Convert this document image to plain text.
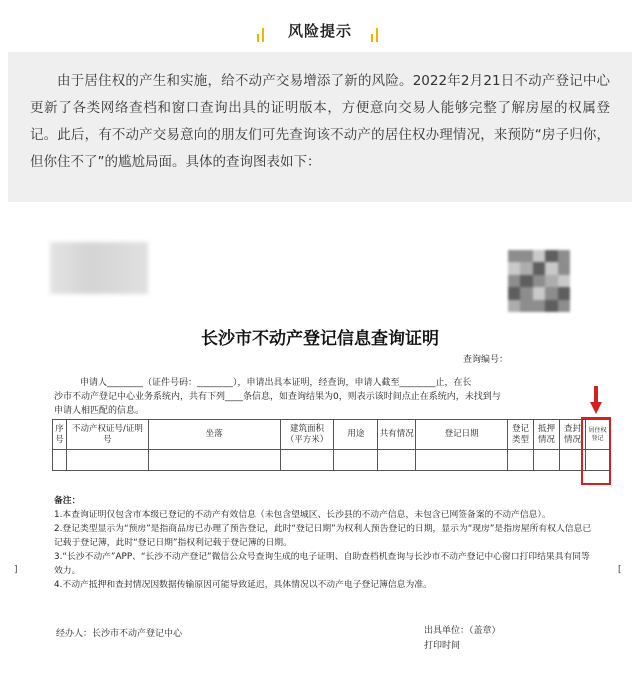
风险提示

由于居住权的产生和实施，给不动产交易增添了新的风险。2022年2月21日不动产登记中心更新了各类网络查档和窗口查询出具的证明版本，方便意向交易人能够完整了解房屋的权属登记。此后，有不动产交易意向的朋友们可先查询该不动产的居住权办理情况，来预防“房子归你，但你住不了”的尴尬局面。具体的查询图表如下：

长沙市不动产登记信息查询证明
查询编号：
申请人________（证件号码：________），申请出具本证明，经查询，申请人截至________止，在长
沙市不动产登记中心业务系统内，共有下列____条信息，如查询结果为0，则表示该时间点止在系统内，未找到与
申请人相匹配的信息。
序号	不动产权证号/证明号	坐落	建筑面积（平方米）	用途	共有情况	登记日期	登记类型	抵押情况	查封情况	居住权登记

备注：
1.本查询证明仅包含市本级已登记的不动产有效信息（未包含望城区、长沙县的不动产信息，未包含已网签备案的不动产信息）。
2.登记类型显示为“预房”是指商品房已办理了预告登记，此时“登记日期”为权利人预告登记的日期，显示为“现房”是指房屋所有权人信息已记载于登记簿，此时“登记日期”指权利记载于登记簿的日期。
3.“长沙不动产”APP、“长沙不动产登记”微信公众号查询生成的电子证明、自助查档机查询与长沙市不动产登记中心窗口打印结果具有同等效力。
4.不动产抵押和查封情况因数据传输原因可能导致延迟，具体情况以不动产电子登记簿信息为准。
]	[
经办人：长沙市不动产登记中心	出具单位：（盖章）
打印时间
